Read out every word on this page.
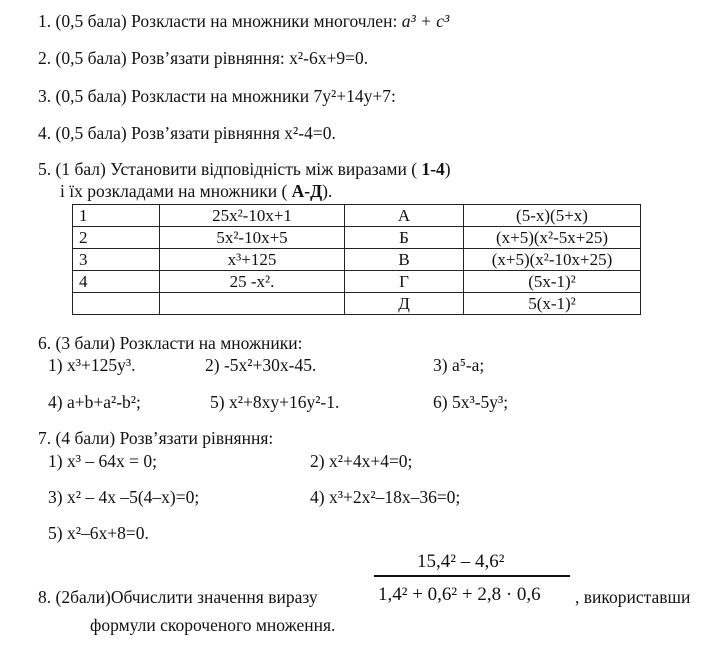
1. (0,5 бала) Розкласти на множники многочлен: a³ + c³
2. (0,5 бала) Розв’язати рівняння: x²-6x+9=0.
3. (0,5 бала) Розкласти на множники 7y²+14y+7:
4. (0,5 бала) Розв’язати рівняння x²-4=0.
5. (1 бал) Установити відповідність між виразами ( 1-4)
і їх розкладами на множники ( А-Д).
1	25x²-10x+1	А	(5-x)(5+x)
2	5x²-10x+5	Б	(x+5)(x²-5x+25)
3	x³+125	В	(x+5)(x²-10x+25)
4	25 -x².	Г	(5x-1)²
		Д	5(x-1)²
6. (3 бали) Розкласти на множники:
1) x³+125y³.	2) -5x²+30x-45.	3) a⁵-a;
4) a+b+a²-b²;	5) x²+8xy+16y²-1.	6) 5x³-5y³;
7. (4 бали) Розв’язати рівняння:
1) x³ – 64x = 0;	2) x²+4x+4=0;
3) x² – 4x –5(4–x)=0;	4) x³+2x²–18x–36=0;
5) x²–6x+8=0.
15,4² – 4,6²
1,4² + 0,6² + 2,8 · 0,6
8. (2бали)Обчислити значення виразу	, використавши
формули скороченого множення.
